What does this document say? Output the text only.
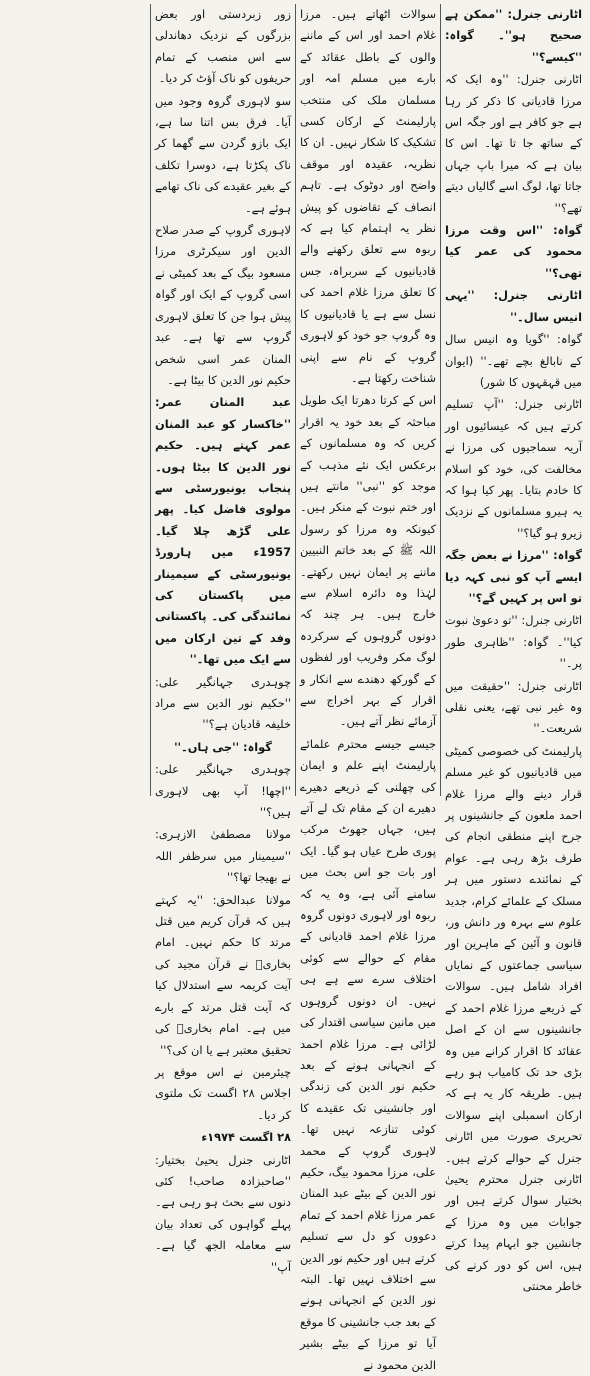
اٹارنی جنرل: ''ممکن ہے صحیح ہو''۔ گواہ: ''کیسے؟''

اٹارنی جنرل: ''وہ ایک کہ مرزا قادیانی کا ذکر کر رہا ہے جو کافر ہے اور جگہ اس کے ساتھ جا تا تھا۔ اس کا بیان ہے کہ میرا باپ جہاں جاتا تھا، لوگ اسے گالیاں دیتے تھے؟''

گواہ: ''اس وقت مرزا محمود کی عمر کیا تھی؟''

اٹارنی جنرل: ''یہی انیس سال۔''

گواہ: ''گویا وہ انیس سال کے نابالغ بچے تھے۔'' (ایوان میں قہقہوں کا شور)

اٹارنی جنرل: ''آپ تسلیم کرتے ہیں کہ عیسائیوں اور آریہ سماجیوں کی مرزا نے مخالفت کی، خود کو اسلام کا خادم بتایا۔ پھر کیا ہوا کہ یہ ہیرو مسلمانوں کے نزدیک زیرو ہو گیا؟''

گواہ: ''مرزا نے بعض جگہ ایسے آپ کو نبی کہہ دیا تو اس پر کہیں گے؟''

اٹارنی جنرل: ''تو دعویٰ نبوت کیا''۔ گواہ: ''ظاہری طور پر۔''

اٹارنی جنرل: ''حقیقت میں وہ غیر نبی تھے، یعنی نقلی شریعت۔''

پارلیمنٹ کی خصوصی کمیٹی میں قادیانیوں کو غیر مسلم قرار دینے والے مرزا غلام احمد ملعون کے جانشینوں پر جرح اپنے منطقی انجام کی طرف بڑھ رہی ہے۔ عوام کے نمائندے دستور میں ہر مسلک کے علمائے کرام، جدید علوم سے بہرہ ور دانش ور، قانون و آئین کے ماہرین اور سیاسی جماعتوں کے نمایاں افراد شامل ہیں۔ سوالات کے ذریعے مرزا غلام احمد کے جانشینوں سے ان کے اصل عقائد کا اقرار کرانے میں وہ بڑی حد تک کامیاب ہو رہے ہیں۔ طریقہ کار یہ ہے کہ ارکان اسمبلی اپنے سوالات تحریری صورت میں اٹارنی جنرل کے حوالے کرتے ہیں۔ اٹارنی جنرل محترم یحییٰ بختیار سوال کرتے ہیں اور جوابات میں وہ مرزا کے جانشین جو ابہام پیدا کرتے ہیں، اس کو دور کرنے کی خاطر محنتی

سوالات اٹھاتے ہیں۔ مرزا غلام احمد اور اس کے ماننے والوں کے باطل عقائد کے بارے میں مسلم امہ اور مسلمان ملک کی منتخب پارلیمنٹ کے ارکان کسی تشکیک کا شکار نہیں۔ ان کا نظریہ، عقیدہ اور موقف واضح اور دوٹوک ہے۔ تاہم انصاف کے تقاضوں کو پیش نظر یہ اہتمام کیا ہے کہ ربوہ سے تعلق رکھنے والے قادیانیوں کے سربراہ، جس کا تعلق مرزا غلام احمد کی نسل سے ہے یا قادیانیوں کا وہ گروپ جو خود کو لاہوری گروپ کے نام سے اپنی شناخت رکھتا ہے۔

اس کے کرتا دھرتا ایک طویل مباحثہ کے بعد خود یہ اقرار کریں کہ وہ مسلمانوں کے برعکس ایک نئے مذہب کے موجد کو ''نبی'' مانتے ہیں اور ختم نبوت کے منکر ہیں۔ کیونکہ وہ مرزا کو رسول اللہ ﷺ کے بعد خاتم النبیین ماننے پر ایمان نہیں رکھتے۔ لہٰذا وہ دائرہ اسلام سے خارج ہیں۔ ہر چند کہ دونوں گروہوں کے سرکردہ لوگ مکر وفریب اور لفظوں کے گورکھ دھندے سے انکار و اقرار کے بہر اخراج سے آزمائے نظر آتے ہیں۔

جیسے جیسے محترم علمائے پارلیمنٹ اپنے علم و ایمان کی چھلنی کے ذریعے دھیرے دھیرے ان کے مقام تک لے آتے ہیں، جہاں جھوٹ مرکب پوری طرح عیاں ہو گیا۔ ایک اور بات جو اس بحث میں سامنے آئی ہے، وہ یہ کہ ربوہ اور لاہوری دونوں گروہ مرزا غلام احمد قادیانی کے مقام کے حوالے سے کوئی اختلاف سرے سے ہے ہی نہیں۔ ان دونوں گروہوں میں مانین سیاسی اقتدار کی لڑائی ہے۔ مرزا غلام احمد کے انجہانی ہونے کے بعد حکیم نور الدین کی زندگی اور جانشینی تک عقیدے کا کوئی تنازعہ نہیں تھا۔ لاہوری گروپ کے محمد علی، مرزا محمود بیگ، حکیم نور الدین کے بیٹے عبد المنان عمر مرزا غلام احمد کے تمام دعووں کو دل سے تسلیم کرتے ہیں اور حکیم نور الدین سے اختلاف نہیں تھا۔ البتہ نور الدین کے انجہانی ہونے کے بعد جب جانشینی کا موقع آیا تو مرزا کے بیٹے بشیر الدین محمود نے

زور زبردستی اور بعض بزرگوں کے نزدیک دھاندلی سے اس منصب کے تمام حریفوں کو ناک آؤٹ کر دیا۔

سو لاہوری گروہ وجود میں آیا۔ فرق بس اتنا سا ہے، ایک بازو گردن سے گھما کر ناک پکڑتا ہے، دوسرا تکلف کے بغیر عقیدے کی ناک تھامے ہوئے ہے۔

لاہوری گروپ کے صدر صلاح الدین اور سیکرٹری مرزا مسعود بیگ کے بعد کمیٹی نے اسی گروپ کے ایک اور گواہ پیش ہوا جن کا تعلق لاہوری گروپ سے تھا ہے۔ عبد المنان عمر اسی شخص حکیم نور الدین کا بیٹا ہے۔

عبد المنان عمر: ''خاکسار کو عبد المنان عمر کہتے ہیں۔ حکیم نور الدین کا بیٹا ہوں۔ پنجاب یونیورسٹی سے مولوی فاضل کیا۔ پھر علی گڑھ چلا گیا۔ 1957ء میں ہارورڈ یونیورسٹی کے سیمینار میں پاکستان کی نمائندگی کی۔ پاکستانی وفد کے تین ارکان میں سے ایک میں تھا۔''

چوہدری جہانگیر علی: ''حکیم نور الدین سے مراد خلیفہ قادیان ہے؟''

گواہ: ''جی ہاں۔''

چوہدری جہانگیر علی: ''اچھا! آپ بھی لاہوری ہیں؟''

مولانا مصطفیٰ الازہری: ''سیمینار میں سرظفر اللہ نے بھیجا تھا؟''

مولانا عبدالحق: ''یہ کہتے ہیں کہ قرآن کریم میں قتل مرتد کا حکم نہیں۔ امام بخاریؒ نے قرآن مجید کی آیت کریمہ سے استدلال کیا کہ آیت قتل مرتد کے بارے میں ہے۔ امام بخاریؒ کی تحقیق معتبر ہے یا ان کی؟''

چیئرمین نے اس موقع پر اجلاس ۲۸ اگست تک ملتوی کر دیا۔

۲۸ اگست ۱۹۷۴ء

اٹارنی جنرل یحییٰ بختیار: ''صاحبزادہ صاحب! کئی دنوں سے بحث ہو رہی ہے۔ پہلے گواہوں کی تعداد بیان سے معاملہ الجھ گیا ہے۔ آپ''
